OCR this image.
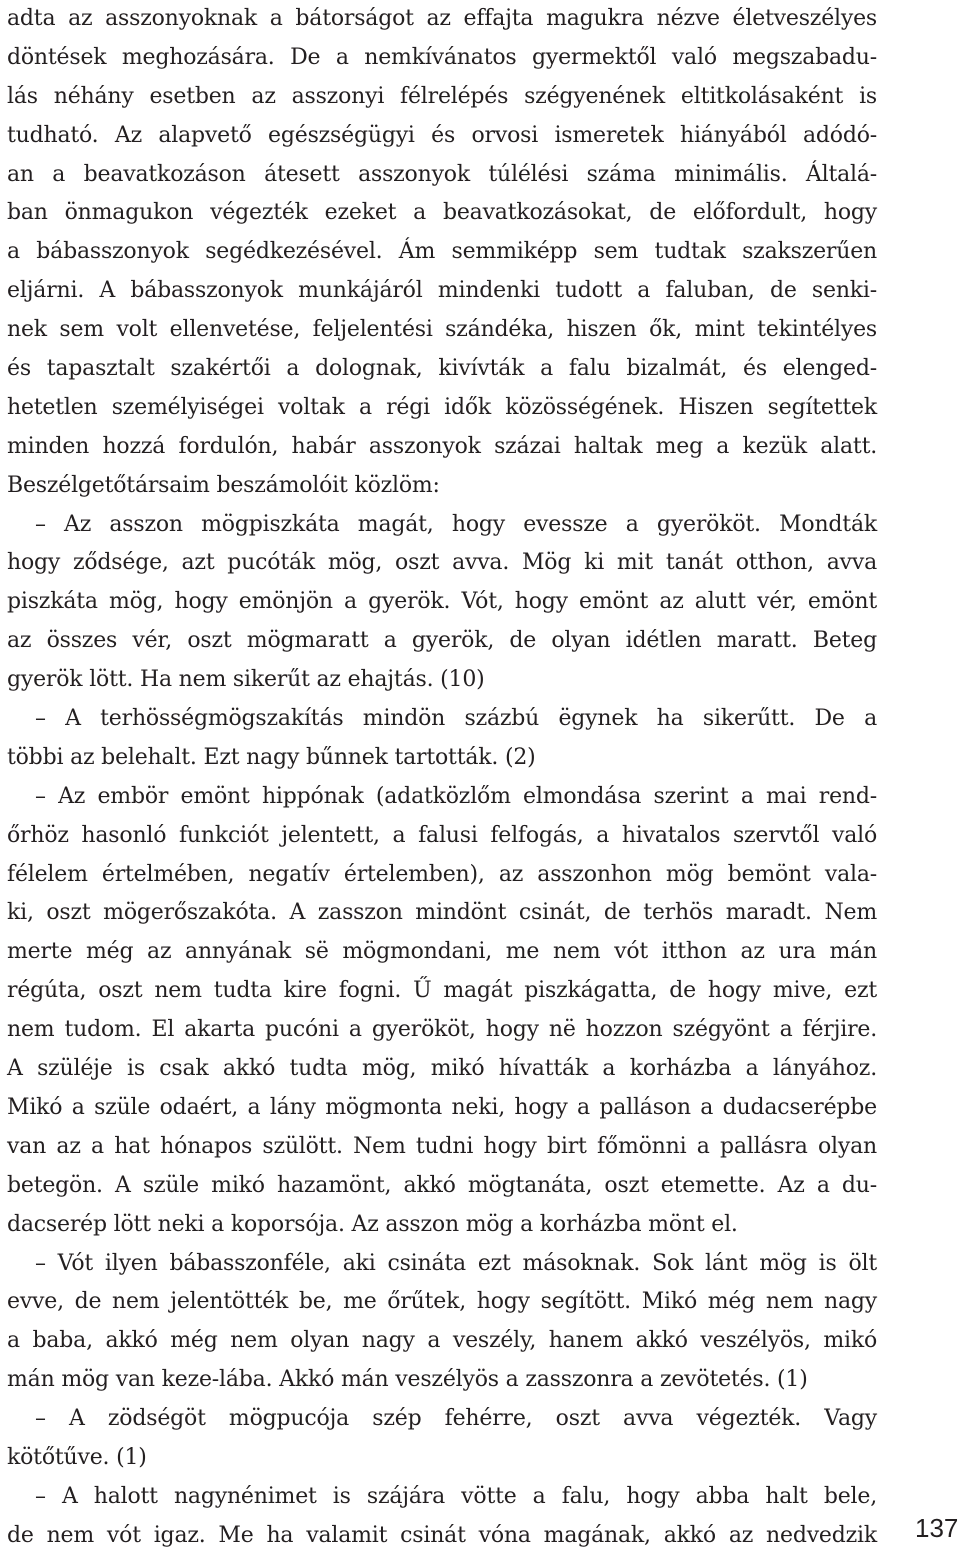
adta az asszonyoknak a bátorságot az effajta magukra nézve életveszélyes
döntések meghozására. De a nemkívánatos gyermektől való megszabadu-
lás néhány esetben az asszonyi félrelépés szégyenének eltitkolásaként is
tudható. Az alapvető egészségügyi és orvosi ismeretek hiányából adódó-
an a beavatkozáson átesett asszonyok túlélési száma minimális. Általá-
ban önmagukon végezték ezeket a beavatkozásokat, de előfordult, hogy
a bábasszonyok segédkezésével. Ám semmiképp sem tudtak szakszerűen
eljárni. A bábasszonyok munkájáról mindenki tudott a faluban, de senki-
nek sem volt ellenvetése, feljelentési szándéka, hiszen ők, mint tekintélyes
és tapasztalt szakértői a dolognak, kivívták a falu bizalmát, és elenged-
hetetlen személyiségei voltak a régi idők közösségének. Hiszen segítettek
minden hozzá fordulón, habár asszonyok százai haltak meg a kezük alatt.
Beszélgetőtársaim beszámolóit közlöm:
– Az asszon mögpiszkáta magát, hogy evessze a gyerököt. Mondták
hogy ződsége, azt pucóták mög, oszt avva. Mög ki mit tanát otthon, avva
piszkáta mög, hogy emönjön a gyerök. Vót, hogy emönt az alutt vér, emönt
az összes vér, oszt mögmaratt a gyerök, de olyan idétlen maratt. Beteg
gyerök lött. Ha nem sikerűt az ehajtás. (10)
– A terhösségmögszakítás mindön százbú ëgynek ha sikerűtt. De a
többi az belehalt. Ezt nagy bűnnek tartották. (2)
– Az embör emönt hippónak (adatközlőm elmondása szerint a mai rend-
őrhöz hasonló funkciót jelentett, a falusi felfogás, a hivatalos szervtől való
félelem értelmében, negatív értelemben), az asszonhon mög bemönt vala-
ki, oszt mögerőszakóta. A zasszon mindönt csinát, de terhös maradt. Nem
merte még az annyának së mögmondani, me nem vót itthon az ura mán
régúta, oszt nem tudta kire fogni. Ű magát piszkágatta, de hogy mive, ezt
nem tudom. El akarta pucóni a gyerököt, hogy në hozzon szégyönt a férjire.
A szüléje is csak akkó tudta mög, mikó hívatták a korházba a lányához.
Mikó a szüle odaért, a lány mögmonta neki, hogy a palláson a dudacserépbe
van az a hat hónapos szülött. Nem tudni hogy birt főmönni a pallásra olyan
betegön. A szüle mikó hazamönt, akkó mögtanáta, oszt etemette. Az a du-
dacserép lött neki a koporsója. Az asszon mög a korházba mönt el.
– Vót ilyen bábasszonféle, aki csináta ezt másoknak. Sok lánt mög is ölt
evve, de nem jelentötték be, me őrűtek, hogy segítött. Mikó még nem nagy
a baba, akkó még nem olyan nagy a veszély, hanem akkó veszélyös, mikó
mán mög van keze-lába. Akkó mán veszélyös a zasszonra a zevötetés. (1)
– A zödségöt mögpucója szép fehérre, oszt avva végezték. Vagy
kötőtűve. (1)
– A halott nagynénimet is szájára vötte a falu, hogy abba halt bele,
de nem vót igaz. Me ha valamit csinát vóna magának, akkó az nedvedzik 137
